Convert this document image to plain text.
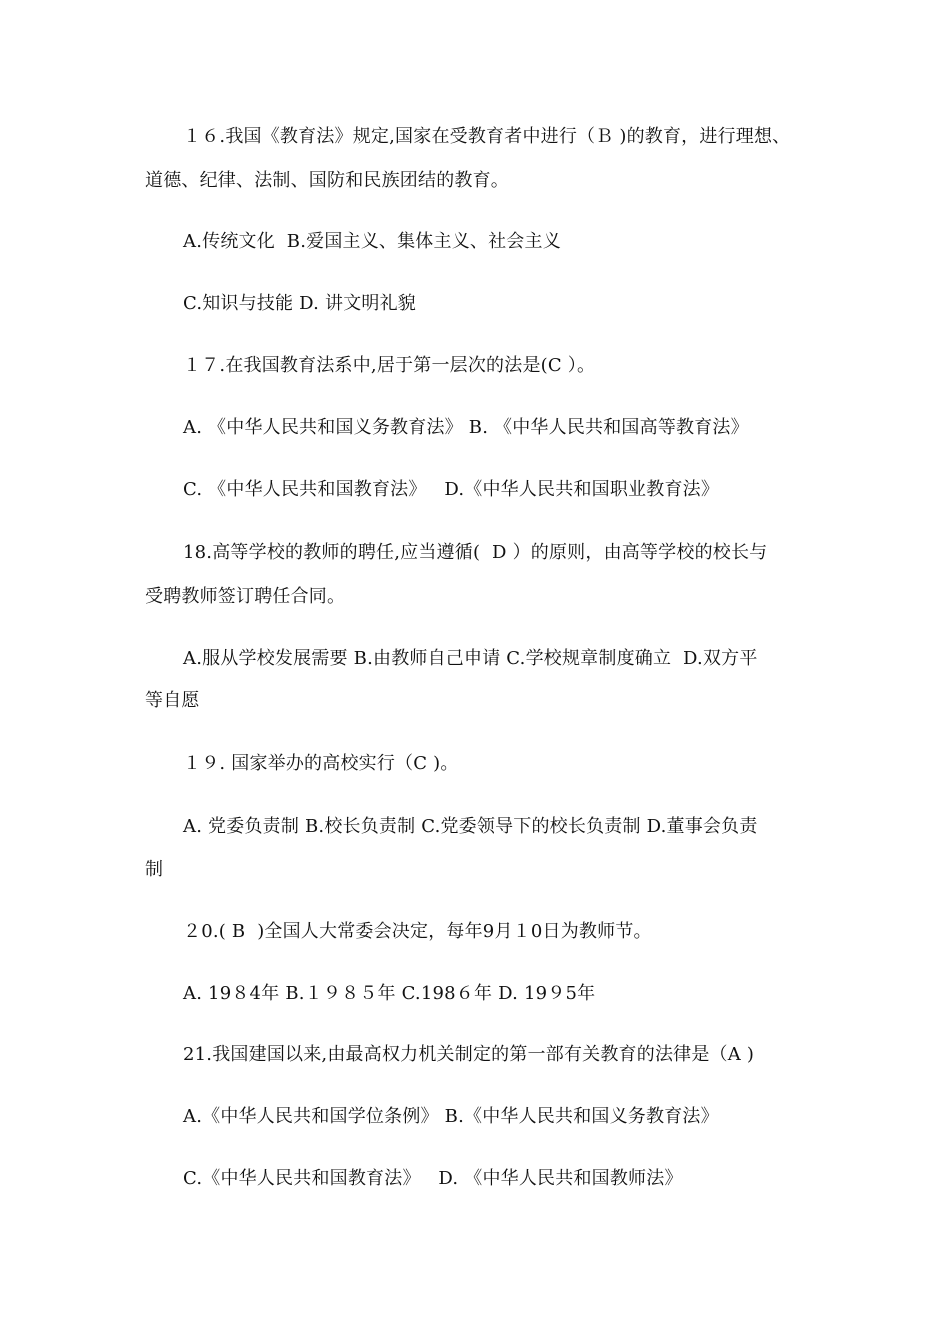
１６.我国《教育法》规定,国家在受教育者中进行（Ｂ )的教育，进行理想、
道德、纪律、法制、国防和民族团结的教育。
A.传统文化  B.爱国主义、集体主义、社会主义
C.知识与技能 D. 讲文明礼貌
１７.在我国教育法系中,居于第一层次的法是(C ）。
A. 《中华人民共和国义务教育法》 B. 《中华人民共和国高等教育法》
C. 《中华人民共和国教育法》   D.《中华人民共和国职业教育法》
18.高等学校的教师的聘任,应当遵循(  D ）的原则，由高等学校的校长与
受聘教师签订聘任合同。
A.服从学校发展需要 B.由教师自己申请 C.学校规章制度确立  D.双方平
等自愿
１９. 国家举办的高校实行（C )。
A. 党委负责制 B.校长负责制 C.党委领导下的校长负责制 D.董事会负责
制
２0.( B  )全国人大常委会决定，每年9月１0日为教师节。
A. 19８4年 B.１９８５年 C.198６年 D. 19９5年
21.我国建国以来,由最高权力机关制定的第一部有关教育的法律是（A )
A.《中华人民共和国学位条例》 B.《中华人民共和国义务教育法》
C.《中华人民共和国教育法》   D. 《中华人民共和国教师法》
